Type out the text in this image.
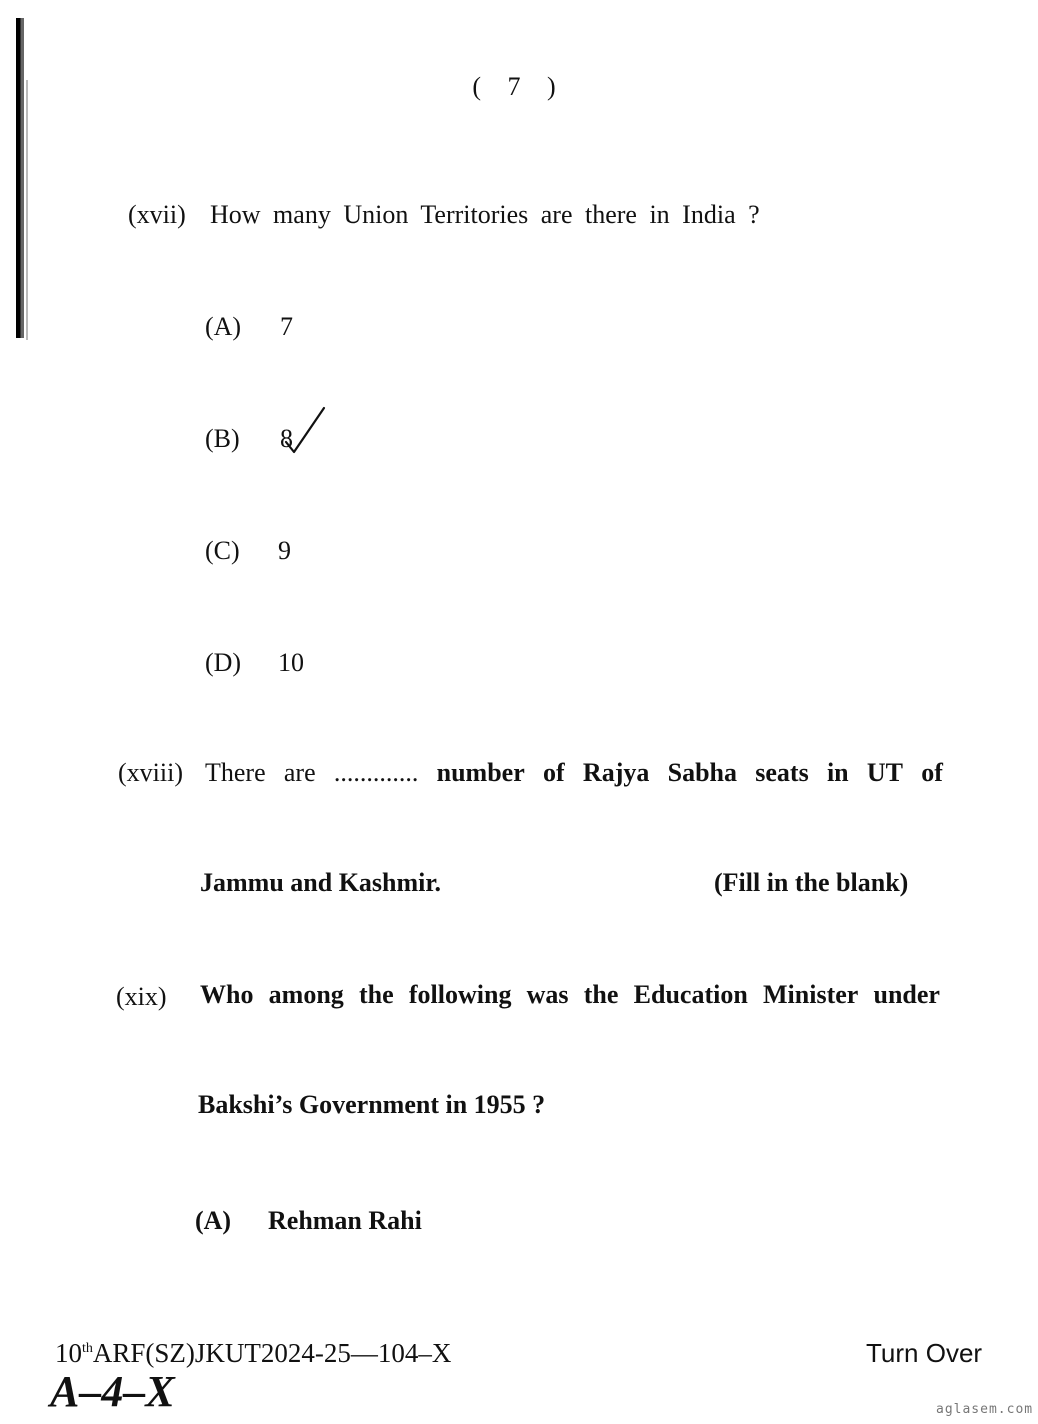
( 7 )
(xvii) How many Union Territories are there in India ?
(A) 7
(B) 8
(C) 9
(D) 10
(xviii) There are ............. number of Rajya Sabha seats in UT of
Jammu and Kashmir.	(Fill in the blank)
(xix) Who among the following was the Education Minister under
Bakshi’s Government in 1955 ?
(A) Rehman Rahi
10thARF(SZ)JKUT2024-25—104–X
A–4–X
Turn Over
aglasem.com
